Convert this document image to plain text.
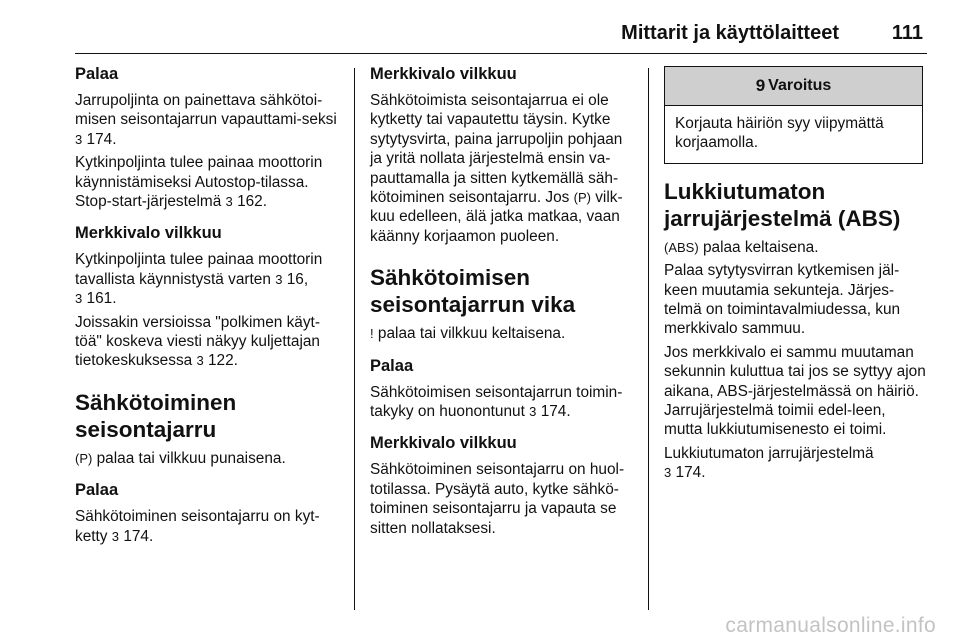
Mittarit ja käyttölaitteet	111
Palaa

Jarrupoljinta on painettava sähkötoi-misen seisontajarrun vapauttami-seksi 3 174.

Kytkinpoljinta tulee painaa moottorin käynnistämiseksi Autostop-tilassa. Stop-start-järjestelmä 3 162.

Merkkivalo vilkkuu

Kytkinpoljinta tulee painaa moottorin tavallista käynnistystä varten 3 16,
3 161.

Joissakin versioissa "polkimen käyt-töä" koskeva viesti näkyy kuljettajan tietokeskuksessa 3 122.

Sähkötoiminen
seisontajarru

(P) palaa tai vilkkuu punaisena.

Palaa

Sähkötoiminen seisontajarru on kyt-ketty 3 174.

Merkkivalo vilkkuu

Sähkötoimista seisontajarrua ei ole kytketty tai vapautettu täysin. Kytke sytytysvirta, paina jarrupoljin pohjaan ja yritä nollata järjestelmä ensin va-pauttamalla ja sitten kytkemällä säh-kötoiminen seisontajarru. Jos (P) vilk-kuu edelleen, älä jatka matkaa, vaan käänny korjaamon puoleen.

Sähkötoimisen
seisontajarrun vika

! palaa tai vilkkuu keltaisena.

Palaa

Sähkötoimisen seisontajarrun toimin-takyky on huonontunut 3 174.

Merkkivalo vilkkuu

Sähkötoiminen seisontajarru on huol-totilassa. Pysäytä auto, kytke sähkö-toiminen seisontajarru ja vapauta se sitten nollataksesi.

9 Varoitus

Korjauta häiriön syy viipymättä korjaamolla.

Lukkiutumaton
jarrujärjestelmä (ABS)

(ABS) palaa keltaisena.

Palaa sytytysvirran kytkemisen jäl-keen muutamia sekunteja. Järjes-telmä on toimintavalmiudessa, kun merkkivalo sammuu.

Jos merkkivalo ei sammu muutaman sekunnin kuluttua tai jos se syttyy ajon aikana, ABS-järjestelmässä on häiriö. Jarrujärjestelmä toimii edel-leen, mutta lukkiutumisenesto ei toimi.

Lukkiutumaton jarrujärjestelmä
3 174.

carmanualsonline.info
